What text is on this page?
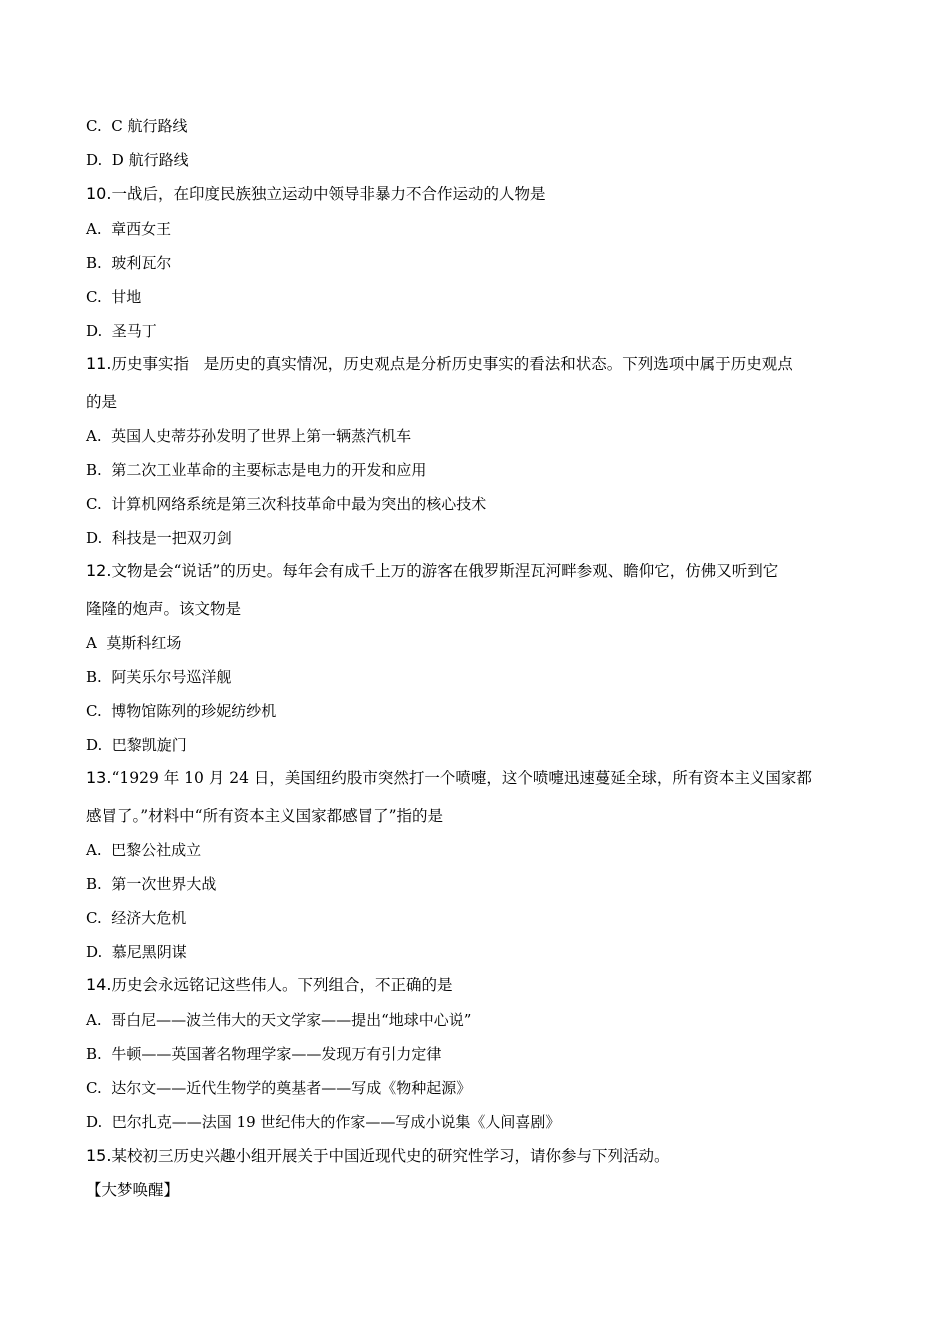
C.  C 航行路线
D.  D 航行路线
10.一战后，在印度民族独立运动中领导非暴力不合作运动的人物是
A.  章西女王
B.  玻利瓦尔
C.  甘地
D.  圣马丁
11.历史事实指   是历史的真实情况，历史观点是分析历史事实的看法和状态。下列选项中属于历史观点
的是
A.  英国人史蒂芬孙发明了世界上第一辆蒸汽机车
B.  第二次工业革命的主要标志是电力的开发和应用
C.  计算机网络系统是第三次科技革命中最为突出的核心技术
D.  科技是一把双刃剑
12.文物是会“说话”的历史。每年会有成千上万的游客在俄罗斯涅瓦河畔参观、瞻仰它，仿佛又听到它
隆隆的炮声。该文物是
A  莫斯科红场
B.  阿芙乐尔号巡洋舰
C.  博物馆陈列的珍妮纺纱机
D.  巴黎凯旋门
13.“1929 年 10 月 24 日，美国纽约股市突然打一个喷嚏，这个喷嚏迅速蔓延全球，所有资本主义国家都
感冒了。”材料中“所有资本主义国家都感冒了”指的是
A.  巴黎公社成立
B.  第一次世界大战
C.  经济大危机
D.  慕尼黑阴谋
14.历史会永远铭记这些伟人。下列组合，不正确的是
A.  哥白尼——波兰伟大的天文学家——提出“地球中心说”
B.  牛顿——英国著名物理学家——发现万有引力定律
C.  达尔文——近代生物学的奠基者——写成《物种起源》
D.  巴尔扎克——法国 19 世纪伟大的作家——写成小说集《人间喜剧》
15.某校初三历史兴趣小组开展关于中国近现代史的研究性学习，请你参与下列活动。
【大梦唤醒】
